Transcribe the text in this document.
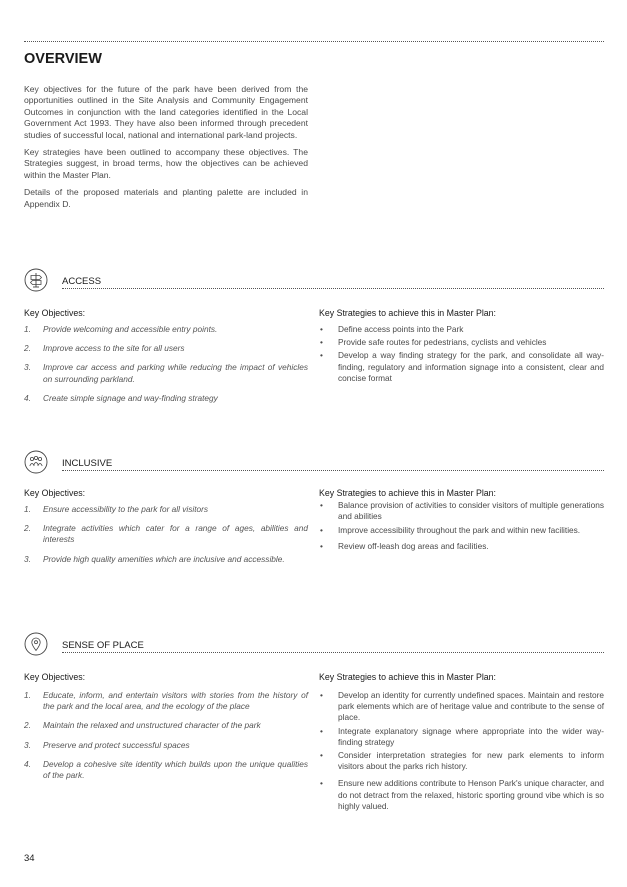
OVERVIEW

Key objectives for the future of the park have been derived from the opportunities outlined in the Site Analysis and Community Engagement Outcomes in conjunction with the land categories identified in the Local Government Act 1993. They have also been informed through precedent studies of successful local, national and international park-land projects.

Key strategies have been outlined to accompany these objectives. The Strategies suggest, in broad terms, how the objectives can be achieved within the Master Plan.

Details of the proposed materials and planting palette are included in Appendix D.

ACCESS
Key Objectives:
1. Provide welcoming and accessible entry points.
2. Improve access to the site for all users
3. Improve car access and parking while reducing the impact of vehicles on surrounding parkland.
4. Create simple signage and way-finding strategy
Key Strategies to achieve this in Master Plan:
• Define access points into the Park
• Provide safe routes for pedestrians, cyclists and vehicles
• Develop a way finding strategy for the park, and consolidate all way-finding, regulatory and information signage into a consistent, clear and concise format
INCLUSIVE
Key Objectives:
1. Ensure accessibility to the park for all visitors
2. Integrate activities which cater for a range of ages, abilities and interests
3. Provide high quality amenities which are inclusive and accessible.
Key Strategies to achieve this in Master Plan:
• Balance provision of activities to consider visitors of multiple generations and abilities
• Improve accessibility throughout the park and within new facilities.
• Review off-leash dog areas and facilities.
SENSE OF PLACE
Key Objectives:
1. Educate, inform, and entertain visitors with stories from the history of the park and the local area, and the ecology of the place
2. Maintain the relaxed and unstructured character of the park
3. Preserve and protect successful spaces
4. Develop a cohesive site identity which builds upon the unique qualities of the park.
Key Strategies to achieve this in Master Plan:
• Develop an identity for currently undefined spaces. Maintain and restore park elements which are of heritage value and contribute to the sense of place.
• Integrate explanatory signage where appropriate into the wider way-finding strategy
• Consider interpretation strategies for new park elements to inform visitors about the parks rich history.
• Ensure new additions contribute to Henson Park's unique character, and do not detract from the relaxed, historic sporting ground vibe which is so highly valued.
34
